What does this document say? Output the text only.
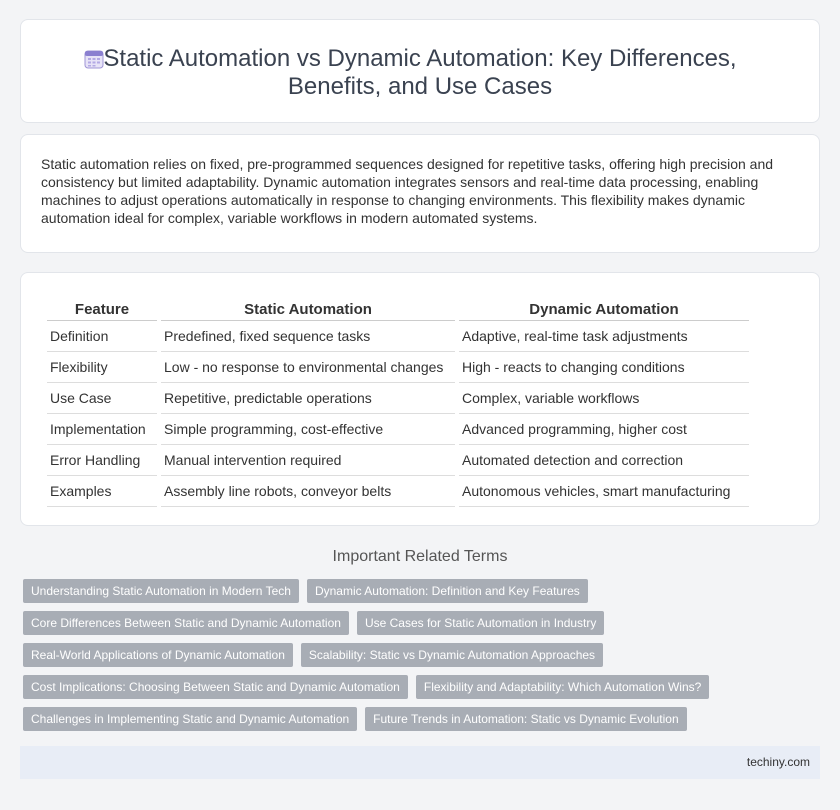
Static Automation vs Dynamic Automation: Key Differences,
Benefits, and Use Cases

Static automation relies on fixed, pre-programmed sequences designed for repetitive tasks, offering high precision and consistency but limited adaptability. Dynamic automation integrates sensors and real-time data processing, enabling machines to adjust operations automatically in response to changing environments. This flexibility makes dynamic automation ideal for complex, variable workflows in modern automated systems.

Feature	Static Automation	Dynamic Automation
Definition	Predefined, fixed sequence tasks	Adaptive, real-time task adjustments
Flexibility	Low - no response to environmental changes	High - reacts to changing conditions
Use Case	Repetitive, predictable operations	Complex, variable workflows
Implementation	Simple programming, cost-effective	Advanced programming, higher cost
Error Handling	Manual intervention required	Automated detection and correction
Examples	Assembly line robots, conveyor belts	Autonomous vehicles, smart manufacturing
Important Related Terms
Understanding Static Automation in Modern Tech	Dynamic Automation: Definition and Key Features
Core Differences Between Static and Dynamic Automation	Use Cases for Static Automation in Industry
Real-World Applications of Dynamic Automation	Scalability: Static vs Dynamic Automation Approaches
Cost Implications: Choosing Between Static and Dynamic Automation	Flexibility and Adaptability: Which Automation Wins?
Challenges in Implementing Static and Dynamic Automation	Future Trends in Automation: Static vs Dynamic Evolution
techiny.com
